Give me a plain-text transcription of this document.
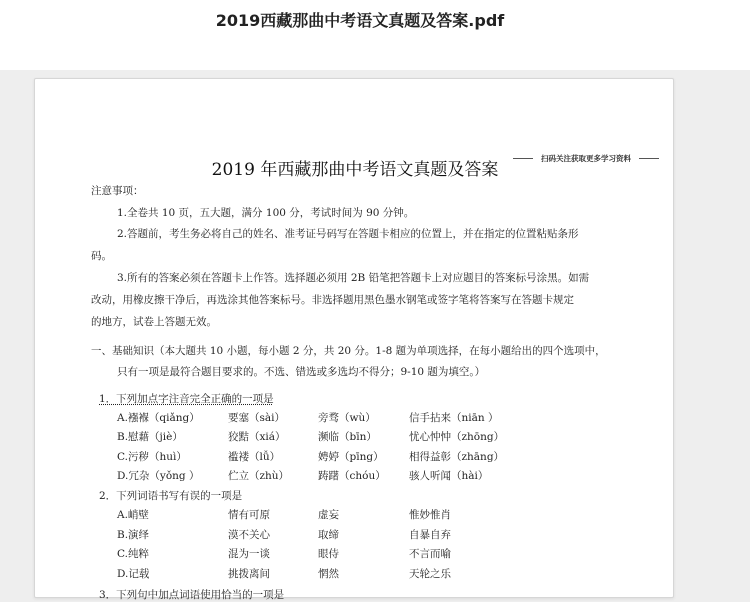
2019西藏那曲中考语文真题及答案.pdf
扫码关注获取更多学习资料
2019 年西藏那曲中考语文真题及答案
注意事项：
1.全卷共 10 页，五大题，满分 100 分，考试时间为 90 分钟。
2.答题前，考生务必将自己的姓名、准考证号码写在答题卡相应的位置上，并在指定的位置粘贴条形
码。
3.所有的答案必须在答题卡上作答。选择题必须用 2B 铅笔把答题卡上对应题目的答案标号涂黑。如需
改动，用橡皮擦干净后，再选涂其他答案标号。非选择题用黑色墨水钢笔或签字笔将答案写在答题卡规定
的地方，试卷上答题无效。
一、基础知识（本大题共 10 小题，每小题 2 分，共 20 分。1-8 题为单项选择，在每小题给出的四个选项中，
只有一项是最符合题目要求的。不选、错选或多选均不得分；9-10 题为填空。）
1．下列加点字注音完全正确的一项是
A.襁褓（qiǎng）	要塞（sài）	旁骛（wù）	信手拈来（niān ）
B.慰藉（jiè）	狡黠（xiá）	濒临（bīn）	忧心忡忡（zhōng）
C.污秽（huì）	褴褛（lǚ）	娉婷（pīng） 相得益彰（zhāng）
D.冗杂（yǒng ）	伫立（zhù）	踌躇（chóu） 骇人听闻（hài）
2．下列词语书写有误的一项是
A.峭壁	情有可原	虚妄	惟妙惟肖
B.演绎	漠不关心	取缔	自暴自弃
C.纯粹	混为一谈	眼侍	不言而喻
D.记载	挑拨离间	惘然	天轮之乐
3．下列句中加点词语使用恰当的一项是
